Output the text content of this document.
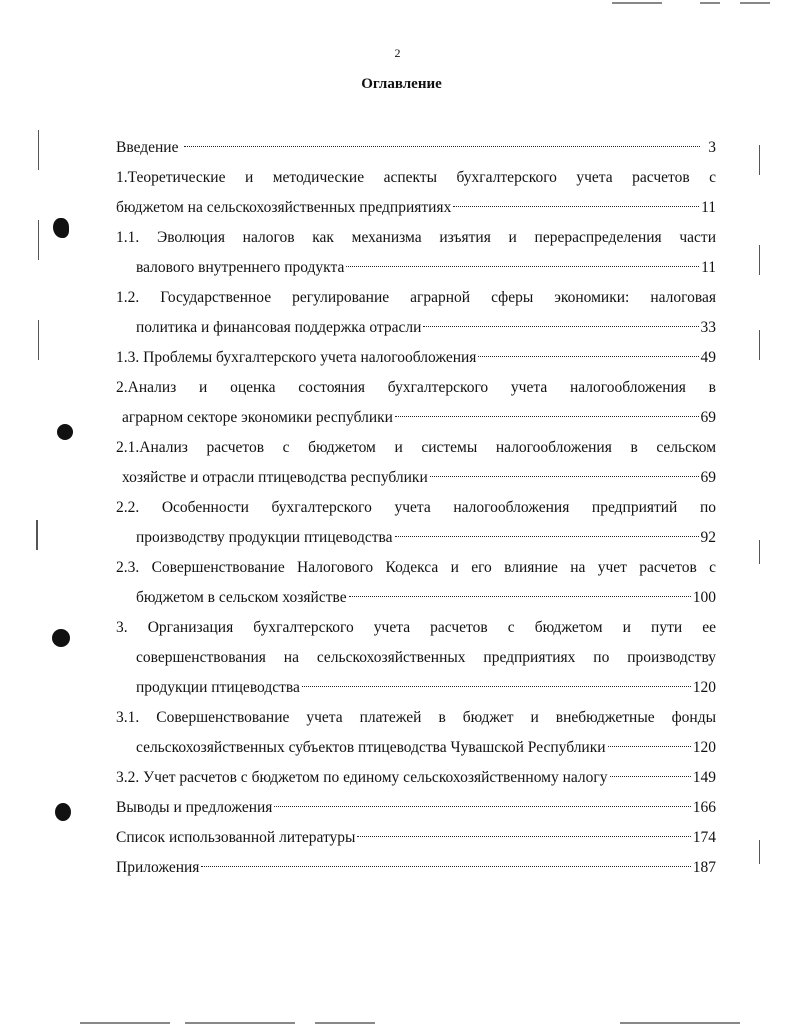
2
Оглавление
Введение	3
1.Теоретические и методические аспекты бухгалтерского учета расчетов с
бюджетом на сельскохозяйственных предприятиях	11
1.1. Эволюция налогов как механизма изъятия и перераспределения части
валового внутреннего продукта	11
1.2. Государственное регулирование аграрной сферы экономики: налоговая
политика и финансовая поддержка отрасли	33
1.3. Проблемы бухгалтерского учета налогообложения	49
2.Анализ и оценка состояния бухгалтерского учета налогообложения в
аграрном секторе экономики республики	69
2.1.Анализ расчетов с бюджетом и системы налогообложения в сельском
хозяйстве и отрасли птицеводства республики	69
2.2. Особенности бухгалтерского учета налогообложения предприятий по
производству продукции птицеводства	92
2.3. Совершенствование Налогового Кодекса и его влияние на учет расчетов с
бюджетом в сельском хозяйстве	100
3. Организация бухгалтерского учета расчетов с бюджетом и пути ее
совершенствования на сельскохозяйственных предприятиях по производству
продукции птицеводства	120
3.1. Совершенствование учета платежей в бюджет и внебюджетные фонды
сельскохозяйственных субъектов птицеводства Чувашской Республики	120
3.2. Учет расчетов с бюджетом по единому сельскохозяйственному налогу	149
Выводы и предложения	166
Список использованной литературы	174
Приложения	187
